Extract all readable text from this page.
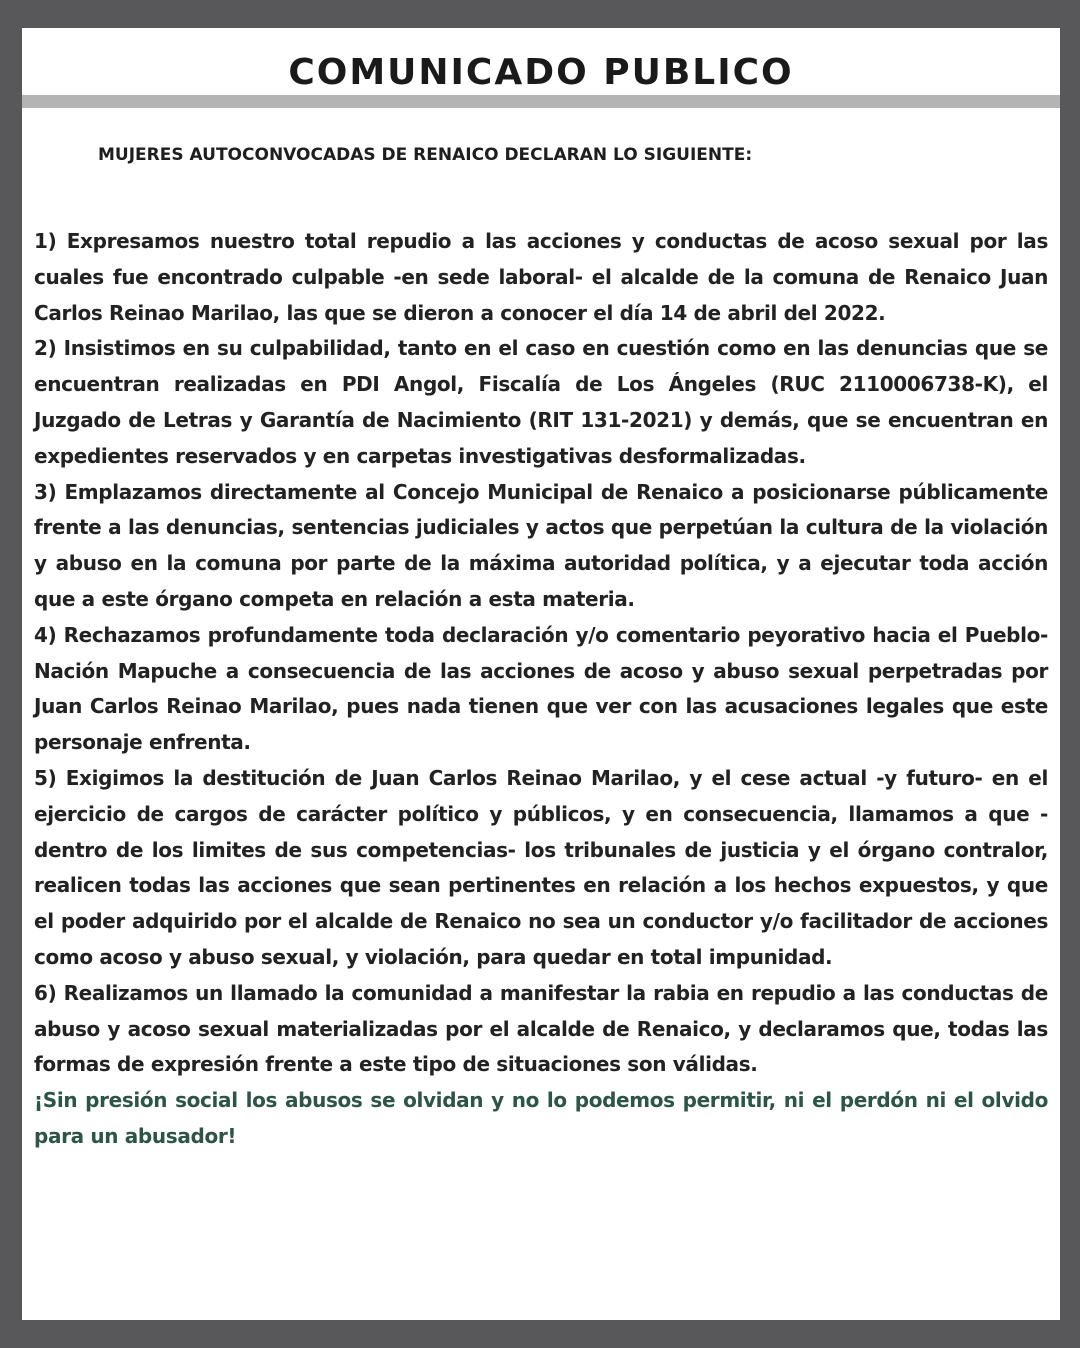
COMUNICADO PUBLICO

MUJERES AUTOCONVOCADAS DE RENAICO DECLARAN LO SIGUIENTE:

1) Expresamos nuestro total repudio a las acciones y conductas de acoso sexual por las cuales fue encontrado culpable -en sede laboral- el alcalde de la comuna de Renaico Juan Carlos Reinao Marilao, las que se dieron a conocer el día 14 de abril del 2022.

2) Insistimos en su culpabilidad, tanto en el caso en cuestión como en las denuncias que se encuentran realizadas en PDI Angol, Fiscalía de Los Ángeles (RUC 2110006738-K), el Juzgado de Letras y Garantía de Nacimiento (RIT 131-2021) y demás, que se encuentran en expedientes reservados y en carpetas investigativas desformalizadas.

3) Emplazamos directamente al Concejo Municipal de Renaico a posicionarse públicamente frente a las denuncias, sentencias judiciales y actos que perpetúan la cultura de la violación y abuso en la comuna por parte de la máxima autoridad política, y a ejecutar toda acción que a este órgano competa en relación a esta materia.

4) Rechazamos profundamente toda declaración y/o comentario peyorativo hacia el Pueblo-Nación Mapuche a consecuencia de las acciones de acoso y abuso sexual perpetradas por Juan Carlos Reinao Marilao, pues nada tienen que ver con las acusaciones legales que este personaje enfrenta.

5) Exigimos la destitución de Juan Carlos Reinao Marilao, y el cese actual -y futuro- en el ejercicio de cargos de carácter político y públicos, y en consecuencia, llamamos a que -dentro de los limites de sus competencias- los tribunales de justicia y el órgano contralor, realicen todas las acciones que sean pertinentes en relación a los hechos expuestos, y que el poder adquirido por el alcalde de Renaico no sea un conductor y/o facilitador de acciones como acoso y abuso sexual, y violación, para quedar en total impunidad.

6) Realizamos un llamado la comunidad a manifestar la rabia en repudio a las conductas de abuso y acoso sexual materializadas por el alcalde de Renaico, y declaramos que, todas las formas de expresión frente a este tipo de situaciones son válidas.

¡Sin presión social los abusos se olvidan y no lo podemos permitir, ni el perdón ni el olvido para un abusador!
